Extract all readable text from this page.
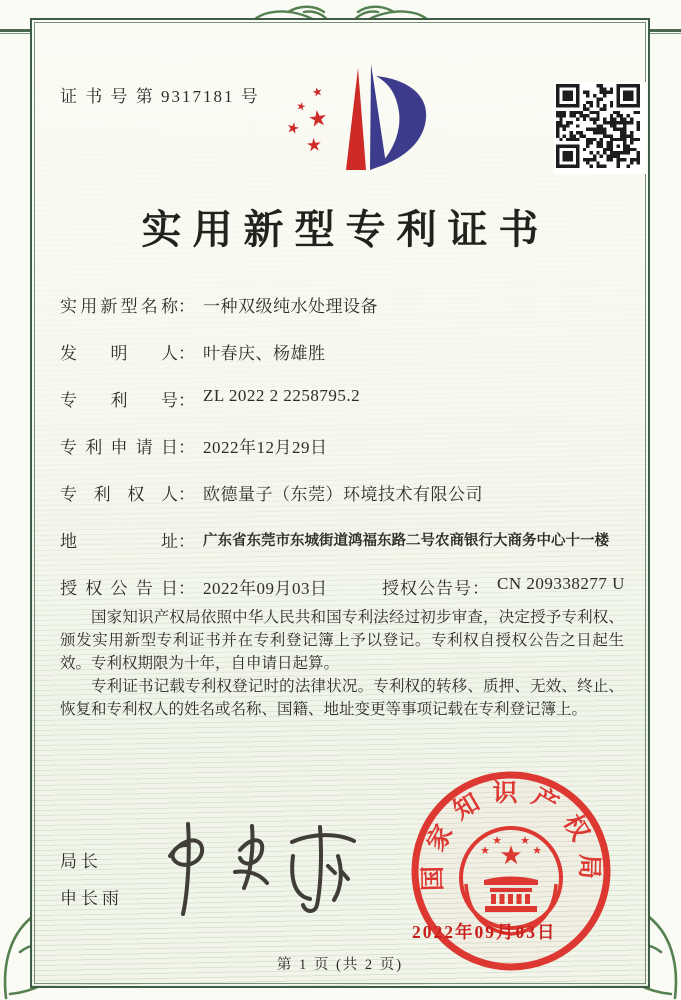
证 书 号 第 9317181 号	★
★ ★
★
★
实用新型专利证书
实用新型名称 ： 一种双级纯水处理设备
发明人 ： 叶春庆、杨雄胜
专利号 ： ZL 2022 2 2258795.2
专利申请日 ： 2022年12月29日
专利权人 ： 欧德量子（东莞）环境技术有限公司
地址 ： 广东省东莞市东城街道鸿福东路二号农商银行大商务中心十一楼
授权公告日 ： 2022年09月03日	授权公告号 ： CN 209338277 U

国家知识产权局依照中华人民共和国专利法经过初步审查，决定授予专利权、颁发实用新型专利证书并在专利登记簿上予以登记。专利权自授权公告之日起生效。专利权期限为十年，自申请日起算。

专利证书记载专利权登记时的法律状况。专利权的转移、质押、无效、终止、恢复和专利权人的姓名或名称、国籍、地址变更等事项记载在专利登记簿上。

局长
申长雨
国家知识产权局
★
★
★ ★
★
2022年09月03日
第 1 页 (共 2 页)
